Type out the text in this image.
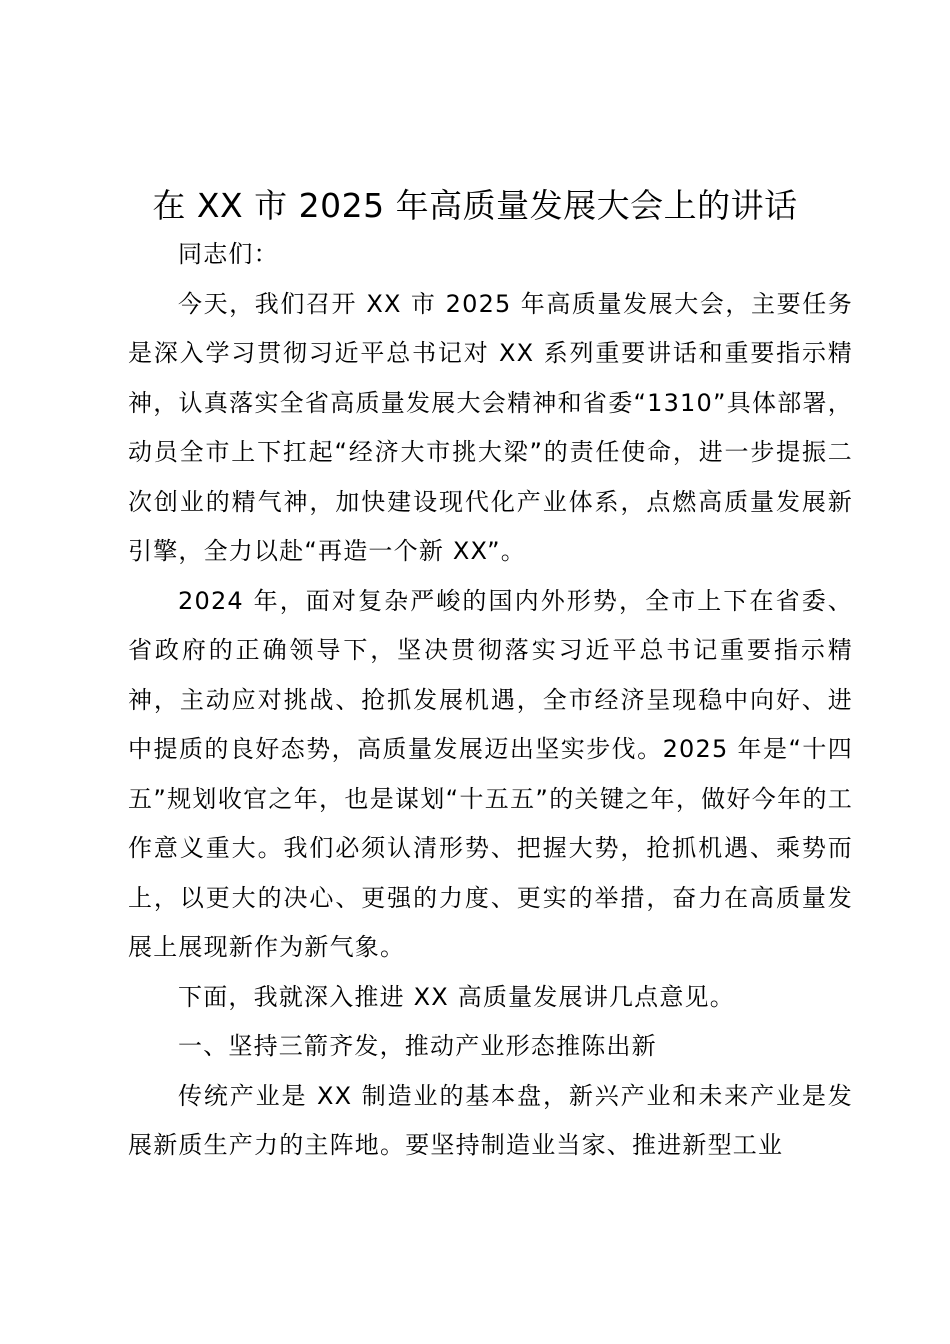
在 XX 市 2025 年高质量发展大会上的讲话

同志们：

今天，我们召开 XX 市 2025 年高质量发展大会，主要任务是深入学习贯彻习近平总书记对 XX 系列重要讲话和重要指示精神，认真落实全省高质量发展大会精神和省委“1310”具体部署，动员全市上下扛起“经济大市挑大梁”的责任使命，进一步提振二次创业的精气神，加快建设现代化产业体系，点燃高质量发展新引擎，全力以赴“再造一个新 XX”。

2024 年，面对复杂严峻的国内外形势，全市上下在省委、省政府的正确领导下，坚决贯彻落实习近平总书记重要指示精神，主动应对挑战、抢抓发展机遇，全市经济呈现稳中向好、进中提质的良好态势，高质量发展迈出坚实步伐。2025 年是“十四五”规划收官之年，也是谋划“十五五”的关键之年，做好今年的工作意义重大。我们必须认清形势、把握大势，抢抓机遇、乘势而上，以更大的决心、更强的力度、更实的举措，奋力在高质量发展上展现新作为新气象。

下面，我就深入推进 XX 高质量发展讲几点意见。

一、坚持三箭齐发，推动产业形态推陈出新

传统产业是 XX 制造业的基本盘，新兴产业和未来产业是发展新质生产力的主阵地。要坚持制造业当家、推进新型工业
